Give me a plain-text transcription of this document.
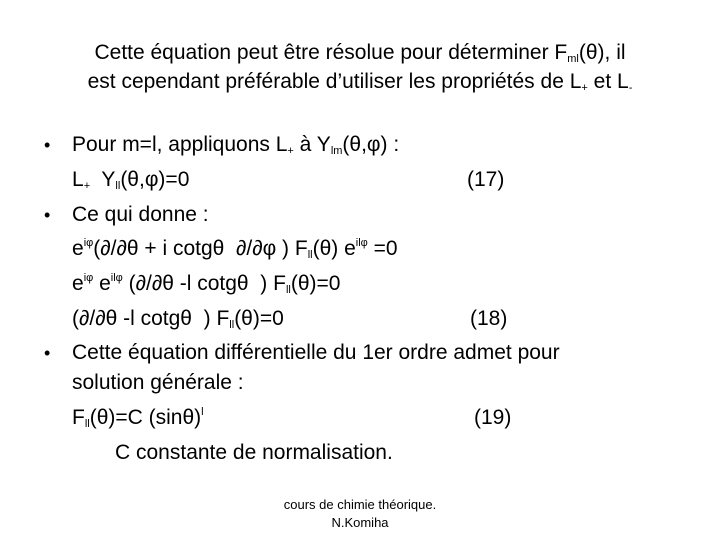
Cette équation peut être résolue pour déterminer $F_{ml}(\theta)$, il
est cependant préférable d’utiliser les propriétés de $L_+$ et $L_-$
• Pour m=l, appliquons $L_+$ à $Y_{lm}(\theta,\varphi)$ :
$L_+$  $Y_{ll}(\theta,\varphi)=0$	(17)
• Ce qui donne :
$e^{i\varphi}(\partial/\partial\theta + i$ cotgθ  ∂/∂φ ) $F_{ll}(\theta)$ $e^{il\varphi} =0$
$e^{i\varphi}$ $e^{il\varphi}$ (∂/∂θ -l cotgθ  ) $F_{ll}(\theta)=0$
(∂/∂θ -l cotgθ  ) $F_{ll}(\theta)=0$	(18)
• Cette équation différentielle du 1er ordre admet pour
solution générale :
$F_{ll}(\theta)=C$ $(\sin\theta)^l$	(19)
C constante de normalisation.
cours de chimie théorique.
N.Komiha
